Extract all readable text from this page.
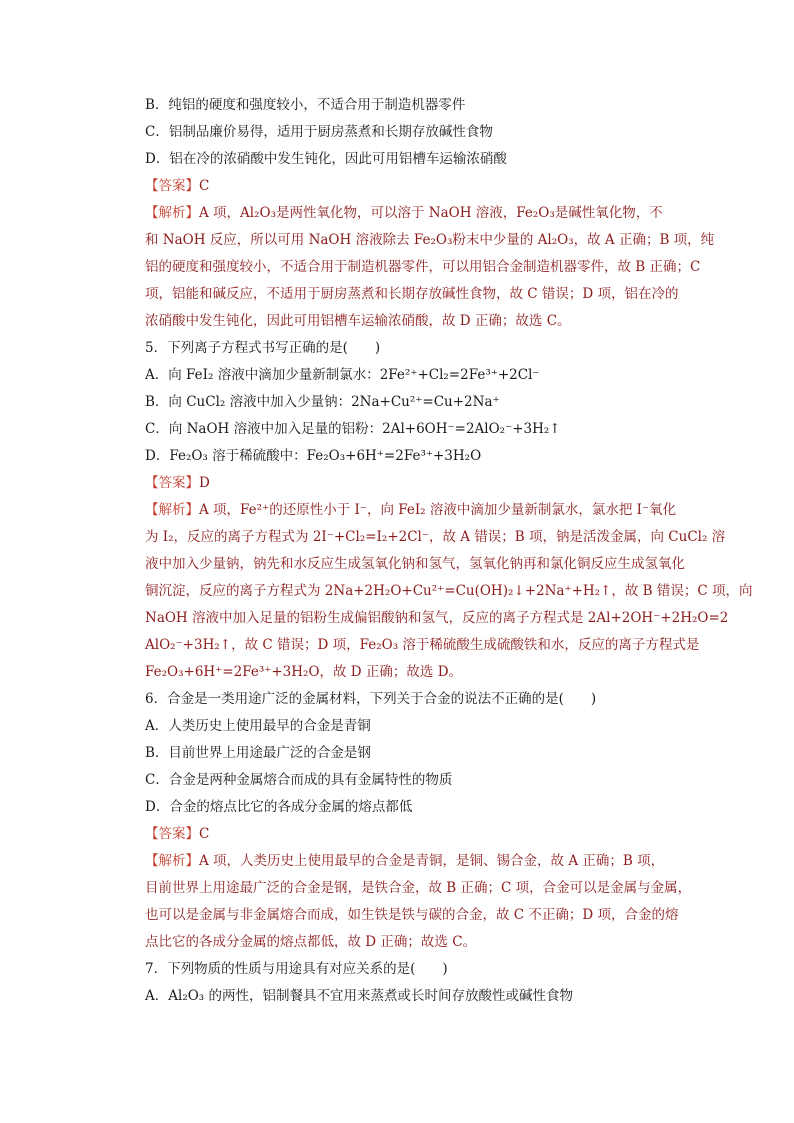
B．纯铝的硬度和强度较小，不适合用于制造机器零件
C．铝制品廉价易得，适用于厨房蒸煮和长期存放碱性食物
D．铝在冷的浓硝酸中发生钝化，因此可用铝槽车运输浓硝酸
【答案】C
【解析】A 项，Al₂O₃是两性氧化物，可以溶于 NaOH 溶液，Fe₂O₃是碱性氧化物，不
和 NaOH 反应，所以可用 NaOH 溶液除去 Fe₂O₃粉末中少量的 Al₂O₃，故 A 正确；B 项，纯
铝的硬度和强度较小，不适合用于制造机器零件，可以用铝合金制造机器零件，故 B 正确；C
项，铝能和碱反应，不适用于厨房蒸煮和长期存放碱性食物，故 C 错误；D 项，铝在冷的
浓硝酸中发生钝化，因此可用铝槽车运输浓硝酸，故 D 正确；故选 C。
5．下列离子方程式书写正确的是(　　)
A．向 FeI₂ 溶液中滴加少量新制氯水：2Fe²⁺+Cl₂=2Fe³⁺+2Cl⁻
B．向 CuCl₂ 溶液中加入少量钠：2Na+Cu²⁺=Cu+2Na⁺
C．向 NaOH 溶液中加入足量的铝粉：2Al+6OH⁻=2AlO₂⁻+3H₂↑
D．Fe₂O₃ 溶于稀硫酸中：Fe₂O₃+6H⁺=2Fe³⁺+3H₂O
【答案】D
【解析】A 项，Fe²⁺的还原性小于 I⁻，向 FeI₂ 溶液中滴加少量新制氯水，氯水把 I⁻氧化
为 I₂，反应的离子方程式为 2I⁻+Cl₂=I₂+2Cl⁻，故 A 错误；B 项，钠是活泼金属，向 CuCl₂ 溶
液中加入少量钠，钠先和水反应生成氢氧化钠和氢气，氢氧化钠再和氯化铜反应生成氢氧化
铜沉淀，反应的离子方程式为 2Na+2H₂O+Cu²⁺=Cu(OH)₂↓+2Na⁺+H₂↑，故 B 错误；C 项，向
NaOH 溶液中加入足量的铝粉生成偏铝酸钠和氢气，反应的离子方程式是 2Al+2OH⁻+2H₂O=2
AlO₂⁻+3H₂↑，故 C 错误；D 项，Fe₂O₃ 溶于稀硫酸生成硫酸铁和水，反应的离子方程式是
Fe₂O₃+6H⁺=2Fe³⁺+3H₂O，故 D 正确；故选 D。
6．合金是一类用途广泛的金属材料，下列关于合金的说法不正确的是(　　)
A．人类历史上使用最早的合金是青铜
B．目前世界上用途最广泛的合金是钢
C．合金是两种金属熔合而成的具有金属特性的物质
D．合金的熔点比它的各成分金属的熔点都低
【答案】C
【解析】A 项，人类历史上使用最早的合金是青铜，是铜、锡合金，故 A 正确；B 项，
目前世界上用途最广泛的合金是钢，是铁合金，故 B 正确；C 项，合金可以是金属与金属，
也可以是金属与非金属熔合而成，如生铁是铁与碳的合金，故 C 不正确；D 项，合金的熔
点比它的各成分金属的熔点都低，故 D 正确；故选 C。
7．下列物质的性质与用途具有对应关系的是(　　)
A．Al₂O₃ 的两性，铝制餐具不宜用来蒸煮或长时间存放酸性或碱性食物
